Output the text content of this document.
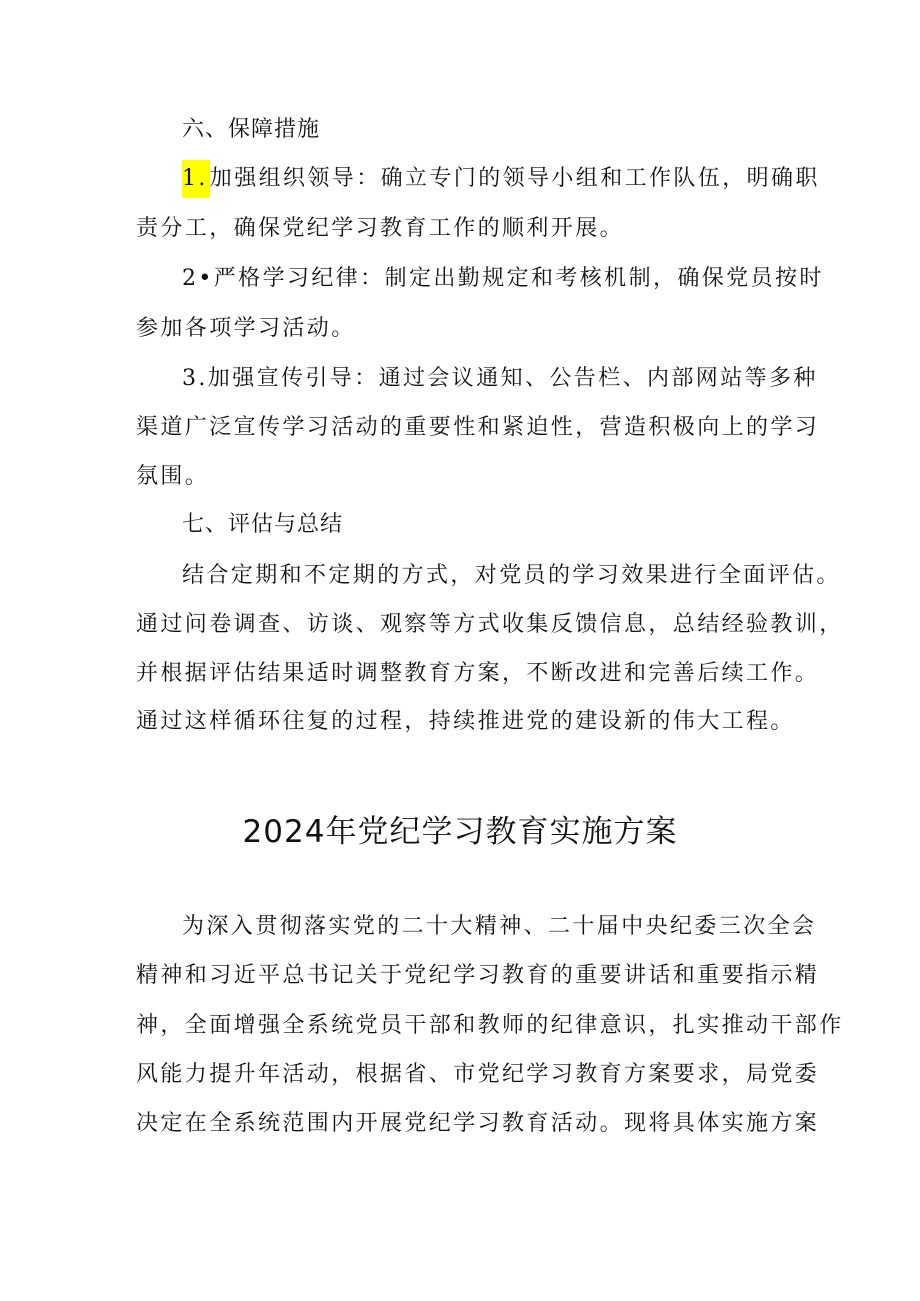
六、保障措施
1.加强组织领导：确立专门的领导小组和工作队伍，明确职
责分工，确保党纪学习教育工作的顺利开展。
2•严格学习纪律：制定出勤规定和考核机制，确保党员按时
参加各项学习活动。
3.加强宣传引导：通过会议通知、公告栏、内部网站等多种
渠道广泛宣传学习活动的重要性和紧迫性，营造积极向上的学习
氛围。
七、评估与总结
结合定期和不定期的方式，对党员的学习效果进行全面评估。
通过问卷调查、访谈、观察等方式收集反馈信息，总结经验教训，
并根据评估结果适时调整教育方案，不断改进和完善后续工作。
通过这样循环往复的过程，持续推进党的建设新的伟大工程。
2024年党纪学习教育实施方案
为深入贯彻落实党的二十大精神、二十届中央纪委三次全会
精神和习近平总书记关于党纪学习教育的重要讲话和重要指示精
神，全面增强全系统党员干部和教师的纪律意识，扎实推动干部作
风能力提升年活动，根据省、市党纪学习教育方案要求，局党委
决定在全系统范围内开展党纪学习教育活动。现将具体实施方案
